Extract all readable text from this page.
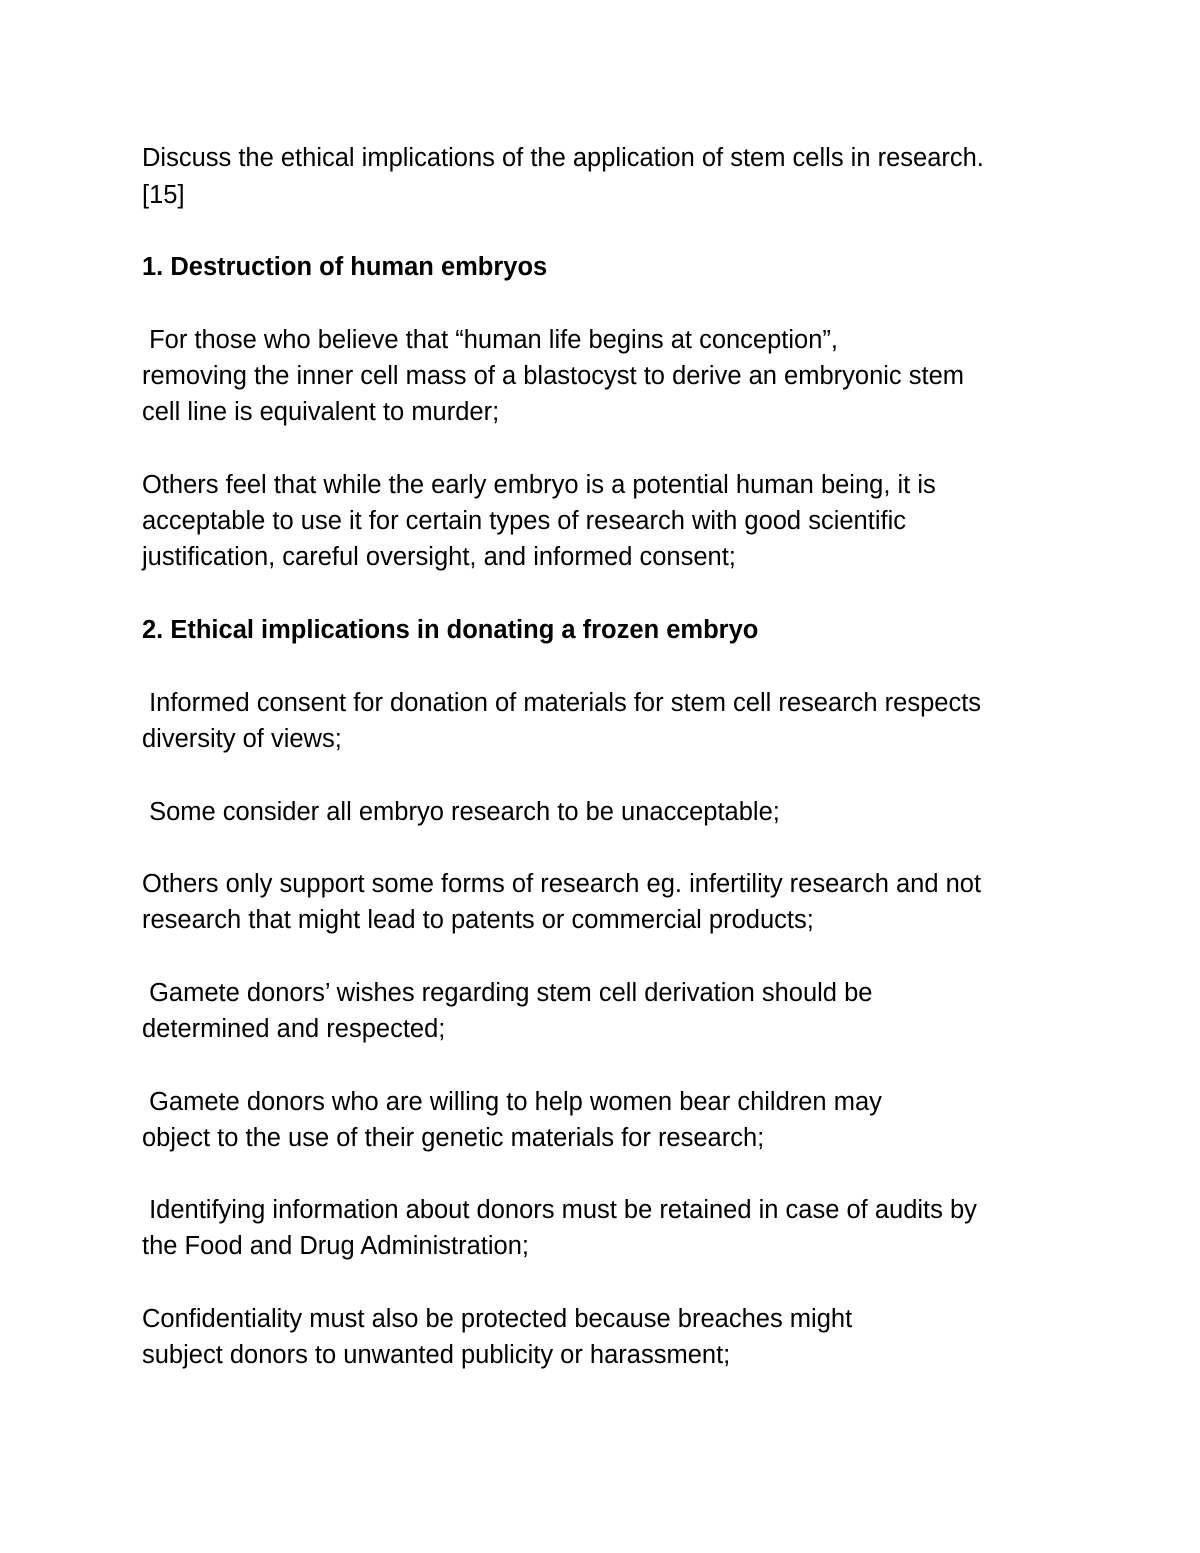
Discuss the ethical implications of the application of stem cells in research.

[15]

1. Destruction of human embryos

For those who believe that “human life begins at conception”,

removing the inner cell mass of a blastocyst to derive an embryonic stem

cell line is equivalent to murder;

Others feel that while the early embryo is a potential human being, it is

acceptable to use it for certain types of research with good scientific

justification, careful oversight, and informed consent;

2. Ethical implications in donating a frozen embryo

Informed consent for donation of materials for stem cell research respects

diversity of views;

Some consider all embryo research to be unacceptable;

Others only support some forms of research eg. infertility research and not

research that might lead to patents or commercial products;

Gamete donors’ wishes regarding stem cell derivation should be

determined and respected;

Gamete donors who are willing to help women bear children may

object to the use of their genetic materials for research;

Identifying information about donors must be retained in case of audits by

the Food and Drug Administration;

Confidentiality must also be protected because breaches might

subject donors to unwanted publicity or harassment;
